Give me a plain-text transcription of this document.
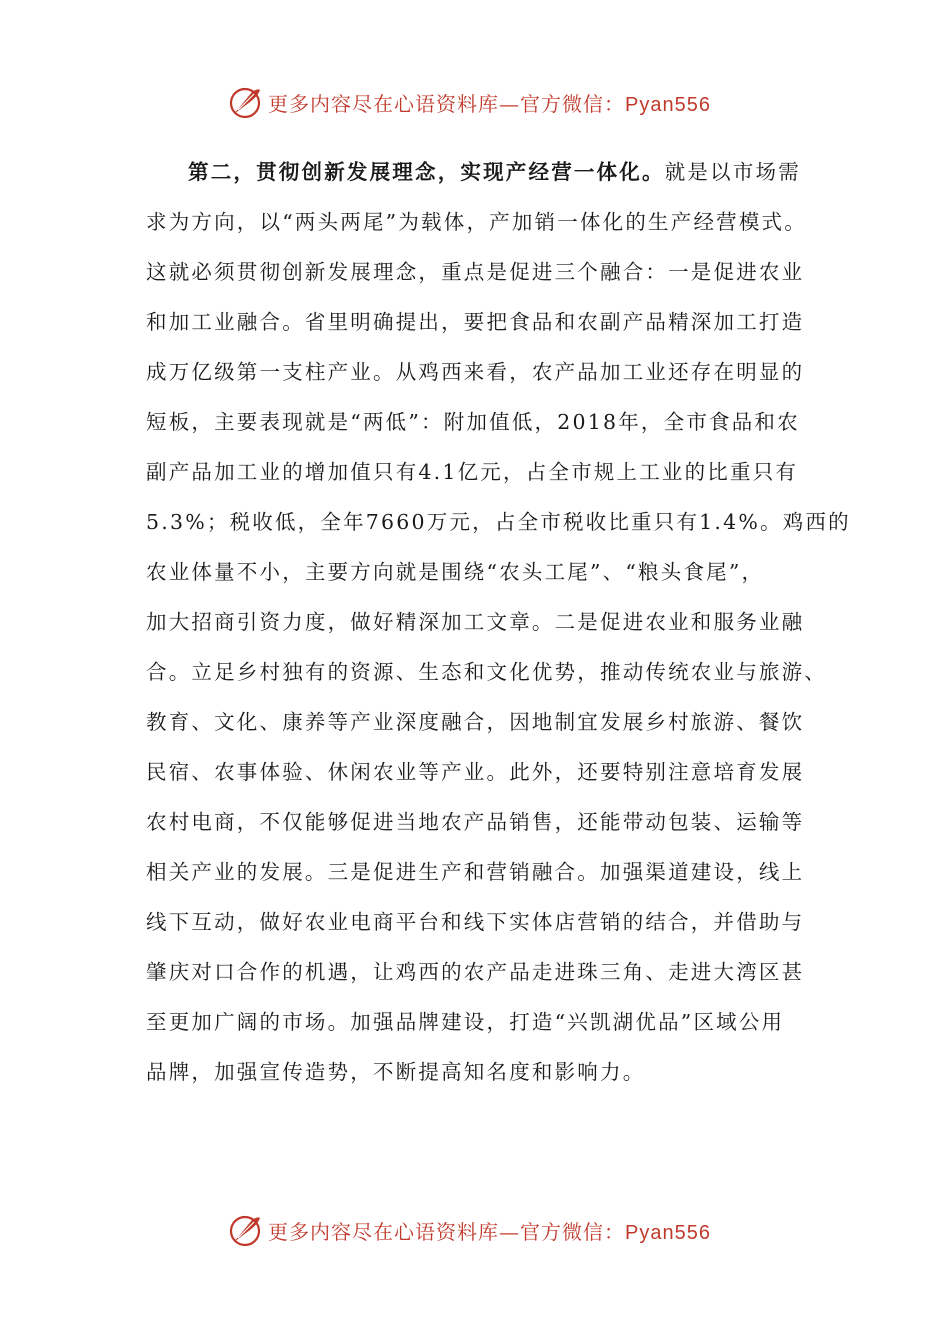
更多内容尽在心语资料库—官方微信：Pyan556
第二，贯彻创新发展理念，实现产经营一体化。就是以市场需
求为方向，以“两头两尾”为载体，产加销一体化的生产经营模式。
这就必须贯彻创新发展理念，重点是促进三个融合：一是促进农业
和加工业融合。省里明确提出，要把食品和农副产品精深加工打造
成万亿级第一支柱产业。从鸡西来看，农产品加工业还存在明显的
短板，主要表现就是“两低”：附加值低，2018年，全市食品和农
副产品加工业的增加值只有4.1亿元，占全市规上工业的比重只有
5.3%；税收低，全年7660万元，占全市税收比重只有1.4%。鸡西的
农业体量不小，主要方向就是围绕“农头工尾”、“粮头食尾”，
加大招商引资力度，做好精深加工文章。二是促进农业和服务业融
合。立足乡村独有的资源、生态和文化优势，推动传统农业与旅游、
教育、文化、康养等产业深度融合，因地制宜发展乡村旅游、餐饮
民宿、农事体验、休闲农业等产业。此外，还要特别注意培育发展
农村电商，不仅能够促进当地农产品销售，还能带动包装、运输等
相关产业的发展。三是促进生产和营销融合。加强渠道建设，线上
线下互动，做好农业电商平台和线下实体店营销的结合，并借助与
肇庆对口合作的机遇，让鸡西的农产品走进珠三角、走进大湾区甚
至更加广阔的市场。加强品牌建设，打造“兴凯湖优品”区域公用
品牌，加强宣传造势，不断提高知名度和影响力。
更多内容尽在心语资料库—官方微信：Pyan556
